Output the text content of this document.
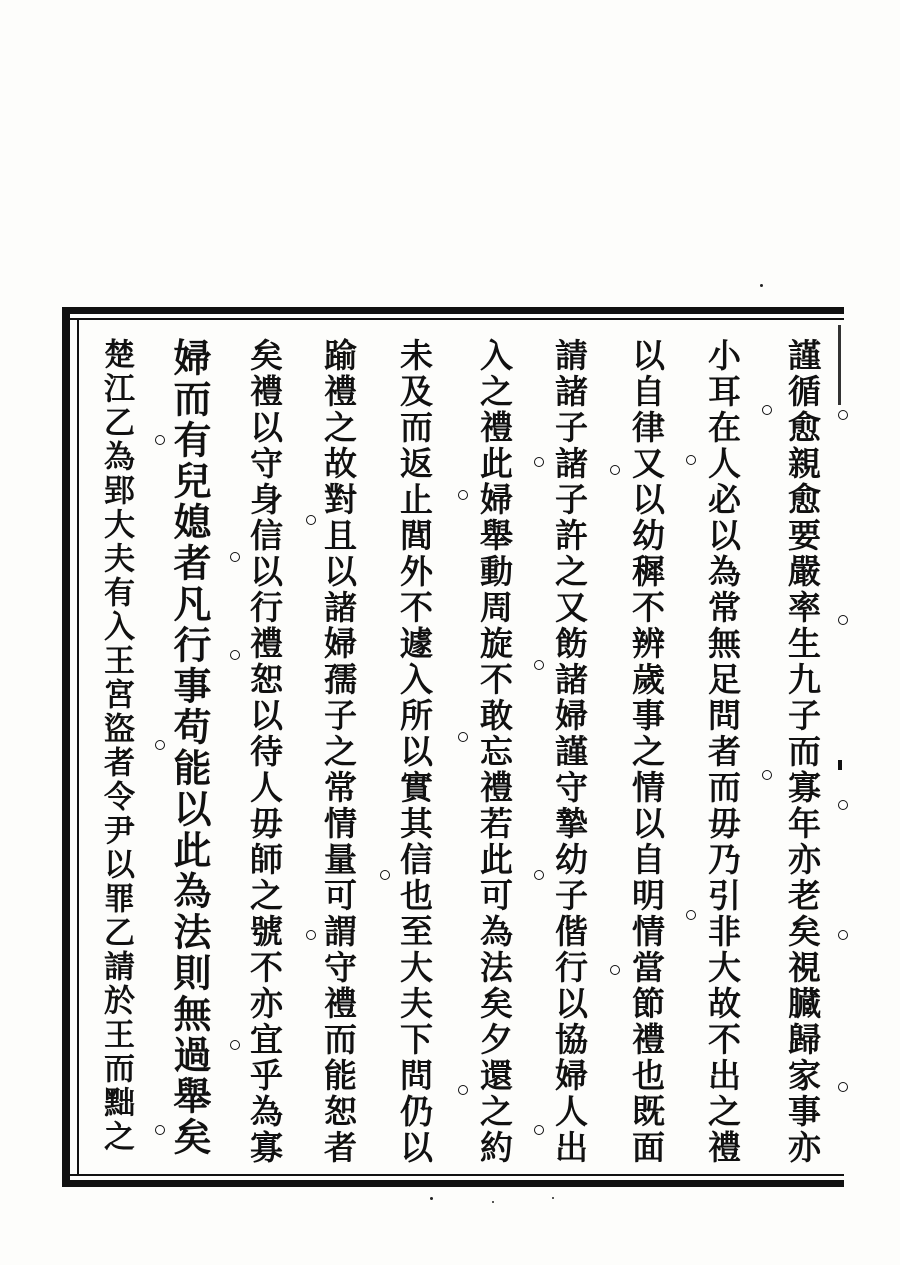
謹循愈親愈要嚴率生九子而寡年亦老矣視臓歸家事亦
小耳在人必以為常無足問者而毋乃引非大故不出之禮
以自律又以幼穉不辨歲事之情以自明情當節禮也既面
請諸子諸子許之又飭諸婦謹守摯幼子偕行以協婦人出
入之禮此婦舉動周旋不敢忘禮若此可為法矣夕還之約
未及而返止閭外不遽入所以實其信也至大夫下問仍以
踰禮之故對且以諸婦孺子之常情量可謂守禮而能恕者
矣禮以守身信以行禮恕以待人毋師之號不亦宜乎為寡
婦而有兒媳者凡行事苟能以此為法則無過舉矣
楚江乙為郢大夫有入王宮盜者令尹以罪乙請於王而黜之
